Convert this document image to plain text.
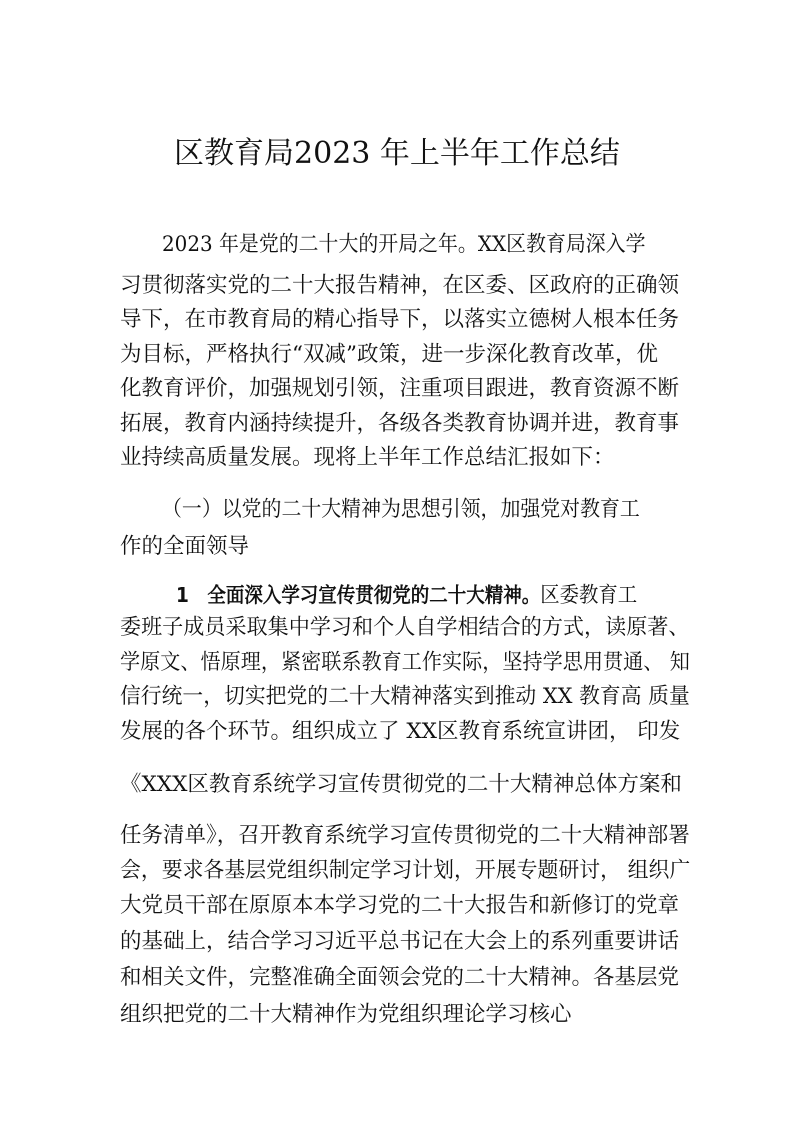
区教育局2023 年上半年工作总结
2023 年是党的二十大的开局之年。XX区教育局深入学
习贯彻落实党的二十大报告精神，在区委、区政府的正确领
导下，在市教育局的精心指导下，以落实立德树人根本任务
为目标，严格执行“双减”政策，进一步深化教育改革，优
化教育评价，加强规划引领，注重项目跟进，教育资源不断
拓展，教育内涵持续提升，各级各类教育协调并进，教育事
业持续高质量发展。现将上半年工作总结汇报如下：
（一）以党的二十大精神为思想引领，加强党对教育工
作的全面领导
1　全面深入学习宣传贯彻党的二十大精神。区委教育工
委班子成员采取集中学习和个人自学相结合的方式，读原著、
学原文、悟原理，紧密联系教育工作实际，坚持学思用贯通、 知
信行统一，切实把党的二十大精神落实到推动 XX 教育高 质量
发展的各个环节。组织成立了 XX区教育系统宣讲团， 印发
《XXX区教育系统学习宣传贯彻党的二十大精神总体方案和
任务清单》，召开教育系统学习宣传贯彻党的二十大精神部署
会，要求各基层党组织制定学习计划，开展专题研讨， 组织广
大党员干部在原原本本学习党的二十大报告和新修订的党章
的基础上，结合学习习近平总书记在大会上的系列重要讲话
和相关文件，完整准确全面领会党的二十大精神。各基层党
组织把党的二十大精神作为党组织理论学习核心
